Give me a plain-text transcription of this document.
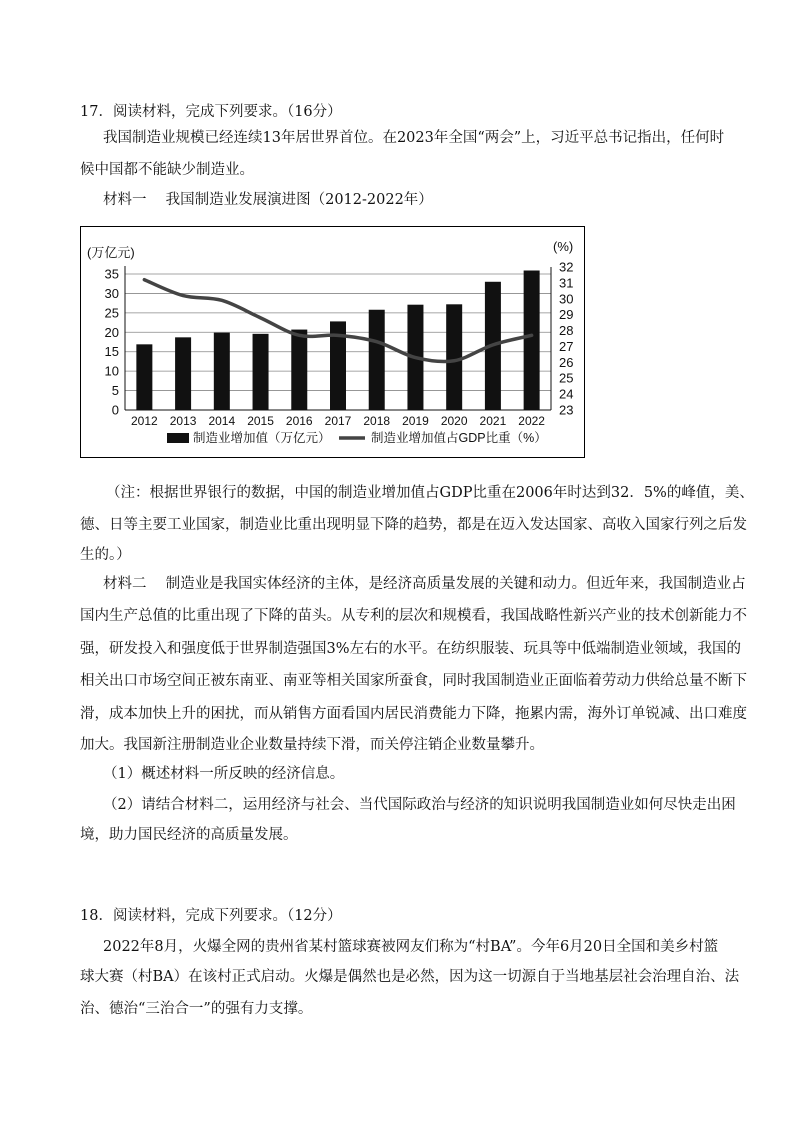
17．阅读材料，完成下列要求。（16分）
我国制造业规模已经连续13年居世界首位。在2023年全国“两会”上，习近平总书记指出，任何时
候中国都不能缺少制造业。
材料一　 我国制造业发展演进图（2012-2022年）
0
5
10
15
20
25
30
35
23
24
25
26
27
28
29
30
31
32
2012 2013 2014 2015 2016 2017 2018 2019 2020 2021 2022
(万亿元)	(%)
制造业增加值（万亿元）	制造业增加值占GDP比重（%）
（注：根据世界银行的数据，中国的制造业增加值占GDP比重在2006年时达到32．5%的峰值，美、
德、日等主要工业国家，制造业比重出现明显下降的趋势，都是在迈入发达国家、高收入国家行列之后发
生的。）
材料二　 制造业是我国实体经济的主体，是经济高质量发展的关键和动力。但近年来，我国制造业占
国内生产总值的比重出现了下降的苗头。从专利的层次和规模看，我国战略性新兴产业的技术创新能力不
强，研发投入和强度低于世界制造强国3%左右的水平。在纺织服装、玩具等中低端制造业领域，我国的
相关出口市场空间正被东南亚、南亚等相关国家所蚕食，同时我国制造业正面临着劳动力供给总量不断下
滑，成本加快上升的困扰，而从销售方面看国内居民消费能力下降，拖累内需，海外订单锐减、出口难度
加大。我国新注册制造业企业数量持续下滑，而关停注销企业数量攀升。
（1）概述材料一所反映的经济信息。
（2）请结合材料二，运用经济与社会、当代国际政治与经济的知识说明我国制造业如何尽快走出困
境，助力国民经济的高质量发展。
18．阅读材料，完成下列要求。（12分）
2022年8月，火爆全网的贵州省某村篮球赛被网友们称为“村BA”。今年6月20日全国和美乡村篮
球大赛（村BA）在该村正式启动。火爆是偶然也是必然，因为这一切源自于当地基层社会治理自治、法
治、德治“三治合一”的强有力支撑。
